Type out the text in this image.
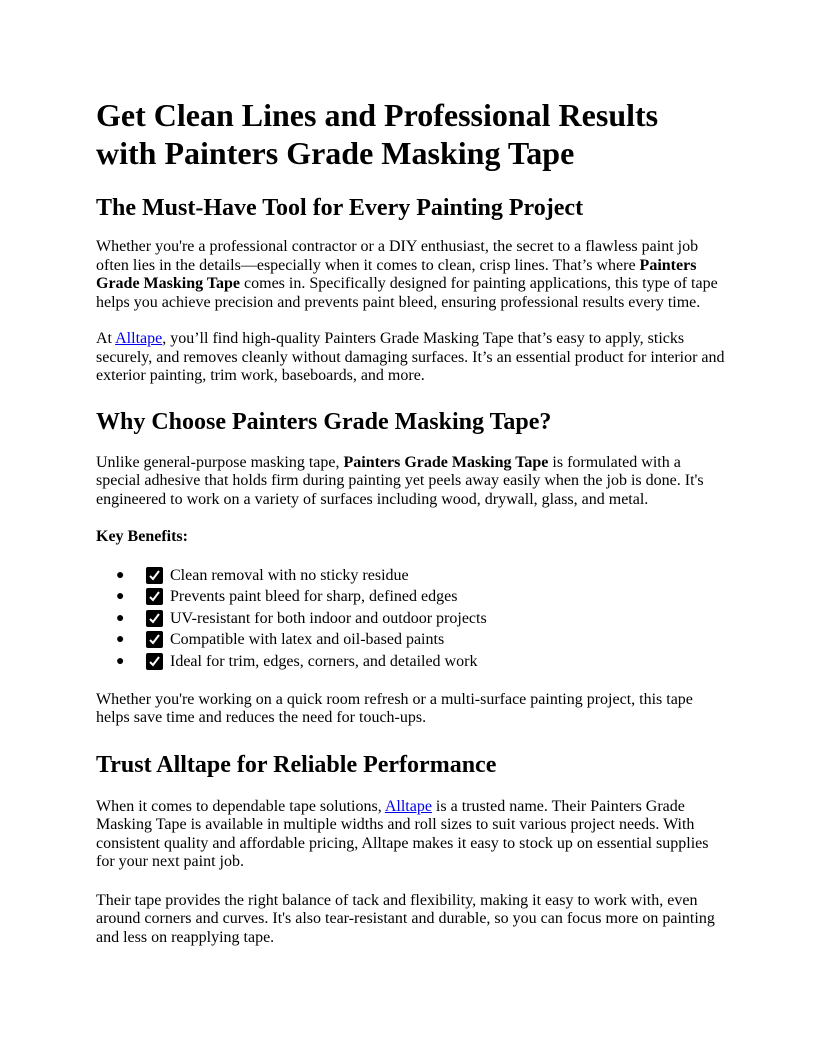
Get Clean Lines and Professional Results with Painters Grade Masking Tape
The Must-Have Tool for Every Painting Project

Whether you're a professional contractor or a DIY enthusiast, the secret to a flawless paint job often lies in the details—especially when it comes to clean, crisp lines. That’s where Painters Grade Masking Tape comes in. Specifically designed for painting applications, this type of tape helps you achieve precision and prevents paint bleed, ensuring professional results every time.

At Alltape, you’ll find high-quality Painters Grade Masking Tape that’s easy to apply, sticks securely, and removes cleanly without damaging surfaces. It’s an essential product for interior and exterior painting, trim work, baseboards, and more.

Why Choose Painters Grade Masking Tape?

Unlike general-purpose masking tape, Painters Grade Masking Tape is formulated with a special adhesive that holds firm during painting yet peels away easily when the job is done. It's engineered to work on a variety of surfaces including wood, drywall, glass, and metal.

Key Benefits:
●	Clean removal with no sticky residue
●	Prevents paint bleed for sharp, defined edges
●	UV-resistant for both indoor and outdoor projects
●	Compatible with latex and oil-based paints
●	Ideal for trim, edges, corners, and detailed work

Whether you're working on a quick room refresh or a multi-surface painting project, this tape helps save time and reduces the need for touch-ups.

Trust Alltape for Reliable Performance

When it comes to dependable tape solutions, Alltape is a trusted name. Their Painters Grade Masking Tape is available in multiple widths and roll sizes to suit various project needs. With consistent quality and affordable pricing, Alltape makes it easy to stock up on essential supplies for your next paint job.

Their tape provides the right balance of tack and flexibility, making it easy to work with, even around corners and curves. It's also tear-resistant and durable, so you can focus more on painting and less on reapplying tape.
